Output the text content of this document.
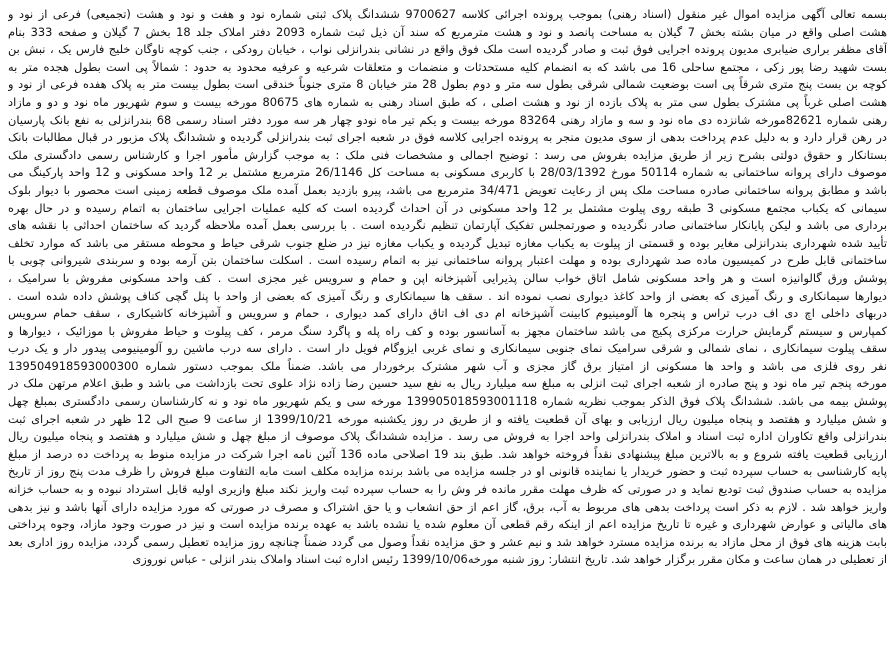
بسمه تعالی آگهی مزایده اموال غیر منقول (اسناد رهنی) بموجب پرونده اجرائی کلاسه 9700627 ششدانگ پلاک ثبتی شماره نود و هفت و نود و هشت (تجمیعی) فرعی از نود و
هشت اصلی واقع در میان بشته بخش 7 گیلان به مساحت پانصد و نود و هشت مترمربع که سند آن ذیل ثبت شماره 2093 دفتر املاک جلد 18 بخش 7 گیلان و صفحه 333 بنام
آقای مظفر براری ضیابری مدیون پرونده اجرایی فوق ثبت و صادر گردیده است ملک فوق واقع در نشانی بندرانزلی نواب ، خیابان رودکی ، جنب کوچه ناوگان خلیج فارس یک ، نبش بن
بست شهید رضا پور زکی ، مجتمع ساحلی 16 می باشد که به انضمام کلیه مستحدثات و منضمات و متعلقات شرعیه و عرفیه محدود به حدود : شمالاً پی است بطول هجده متر به
کوچه بن بست پنج متری شرقاً پی است بوضعیت شمالی شرقی بطول سه متر و دوم بطول 28 متر خیابان 8 متری جنوباً خندقی است بطول بیست متر به پلاک هفده فرعی از نود و
هشت اصلی غرباً پی مشترک بطول سی متر به پلاک بازده از نود و هشت اصلی ، که طبق اسناد رهنی به شماره های 80675 مورخه بیست و سوم شهریور ماه نود و دو و مازاد
رهنی شماره 82621مورخه شانزده دی ماه نود و سه و مازاد رهنی 83264 مورخه بیست و یکم تیر ماه نودو چهار هر سه مورد دفتر اسناد رسمی 68 بندرانزلی به نفع بانک پارسیان
در رهن قرار دارد و به دلیل عدم پرداخت بدهی از سوی مدیون منجر به پرونده اجرایی کلاسه فوق در شعبه اجرای ثبت بندرانزلی گردیده و ششدانگ پلاک مزبور در قبال مطالبات بانک
بستانکار و حقوق دولتی بشرح زیر از طریق مزایده بفروش می رسد : توضیح اجمالی و مشخصات فنی ملک : به موجب گزارش مأمور اجرا و کارشناس رسمی دادگستری ملک
موصوف دارای پروانه ساختمانی به شماره 50114 مورخ 28/03/1392 با کاربری مسکونی به مساحت کل 26/1146 مترمربع مشتمل بر 12 واحد مسکونی و 12 واحد پارکینگ می
باشد و مطابق پروانه ساختمانی صادره مساحت ملک پس از رعایت تعویض 34/471 مترمربع می باشد، پیرو بازدید بعمل آمده ملک موصوف قطعه زمینی است محصور با دیوار بلوک
سیمانی که یکباب مجتمع مسکونی 3 طبقه روی پیلوت مشتمل بر 12 واحد مسکونی در آن احداث گردیده است که کلیه عملیات اجرایی ساختمان به اتمام رسیده و در حال بهره
برداری می باشد و لیکن پایانکار ساختمانی صادر نگردیده و صورتمجلس تفکیک آپارتمان تنظیم نگردیده است . با بررسی بعمل آمده ملاحظه گردید که ساختمان احداثی با نقشه های
تأیید شده شهرداری بندرانزلی مغایر بوده و قسمتی از پیلوت به یکباب مغازه تبدیل گردیده و یکباب مغازه نیز در ضلع جنوب شرقی حیاط و محوطه مستقر می باشد که موارد تخلف
ساختمانی قابل طرح در کمیسیون ماده صد شهرداری بوده و مهلت اعتبار پروانه ساختمانی نیز به اتمام رسیده است . اسکلت ساختمان بتن آرمه بوده و سربندی شیروانی چوبی با
پوشش ورق گالوانیزه است و هر واحد مسکونی شامل اتاق خواب سالن پذیرایی آشپزخانه اپن و حمام و سرویس غیر مجزی است . کف واحد مسکونی مفروش با سرامیک ،
دیوارها سیمانکاری و رنگ آمیزی که بعضی از واحد کاغذ دیواری نصب نموده اند . سقف ها سیمانکاری و رنگ آمیزی که بعضی از واحد با پنل گچی کناف پوشش داده شده است .
دربهای داخلی اچ دی اف درب تراس و پنجره ها آلومینیوم کابینت آشپزخانه ام دی اف اتاق دارای کمد دیواری ، حمام و سرویس و آشپزخانه کاشیکاری ، سقف حمام سرویس
کمپارس و سیستم گرمایش حرارت مرکزی پکیج می باشد ساختمان مجهز به آسانسور بوده و کف راه پله و پاگرد سنگ مرمر ، کف پیلوت و حیاط مفروش با موزائیک ، دیوارها و
سقف پیلوت سیمانکاری ، نمای شمالی و شرقی سرامیک نمای جنوبی سیمانکاری و نمای غربی ایزوگام فویل دار است . دارای سه درب ماشین رو آلومینیومی پیدور دار و یک درب
نفر روی فلزی می باشد و واحد ها مسکونی از امتیاز برق گاز مجزی و آب شهر مشترک برخوردار می باشد. ضمناً ملک بموجب دستور شماره 13950491859300030​0
مورخه پنجم تیر ماه نود و پنج صادره از شعبه اجرای ثبت انزلی به مبلغ سه میلیارد ریال به نفع سید حسین رضا زاده نژاد علوی تحت بازداشت می باشد و طبق اعلام مرتهن ملک در
پوشش بیمه می باشد. ششدانگ پلاک فوق الذکر بموجب نظریه شماره 13990501859300111​8 مورخه سی و یکم شهریور ماه نود و نه کارشناسان رسمی دادگستری بمبلغ چهل
و شش میلیارد و هفتصد و پنجاه میلیون ریال ارزیابی و بهای آن قطعیت یافته و از طریق در روز یکشنبه مورخه 1399/10/21 از ساعت 9 صبح الی 12 ظهر در شعبه اجرای ثبت
بندرانزلی واقع تکاوران اداره ثبت اسناد و املاک بندرانزلی واحد اجرا به فروش می رسد . مزایده ششدانگ پلاک موصوف از مبلغ چهل و شش میلیارد و هفتصد و پنجاه میلیون ریال
ارزیابی قطعیت یافته شروع و به بالاترین مبلغ پیشنهادی نقداً فروخته خواهد شد. طبق بند 19 اصلاحی ماده 136 آئین نامه اجرا شرکت در مزایده منوط به پرداخت ده درصد از مبلغ
پایه کارشناسی به حساب سپرده ثبت و حضور خریدار یا نماینده قانونی او در جلسه مزایده می باشد برنده مزایده مکلف است مابه التفاوت مبلغ فروش را ظرف مدت پنج روز از تاریخ
مزایده به حساب صندوق ثبت تودیع نماید و در صورتی که ظرف مهلت مقرر مانده فر وش را به حساب سپرده ثبت واریز نکند مبلغ وازیری اولیه قابل استرداد نبوده و به حساب خزانه
واریز خواهد شد . لازم به ذکر است پرداخت بدهی های مربوط به آب، برق، گاز اعم از حق انشعاب و یا حق اشتراک و مصرف در صورتی که مورد مزایده دارای آنها باشد و نیز بدهی
های مالیاتی و عوارض شهرداری و غیره تا تاریخ مزایده اعم از اینکه رقم قطعی آن معلوم شده یا نشده باشد به عهده برنده مزایده است و نیز در صورت وجود مازاد، وجوه پرداختی
بابت هزینه های فوق از محل مازاد به برنده مزایده مسترد خواهد شد و نیم عشر و حق مزایده نقداً وصول می گردد ضمناً چنانچه روز مزایده تعطیل رسمی گردد، مزایده روز اداری بعد
از تعطیلی در همان ساعت و مکان مقرر برگزار خواهد شد. تاریخ انتشار: روز شنبه مورخه1399/10/06 رئیس اداره ثبت اسناد واملاک بندر انزلی - عباس نوروزی
